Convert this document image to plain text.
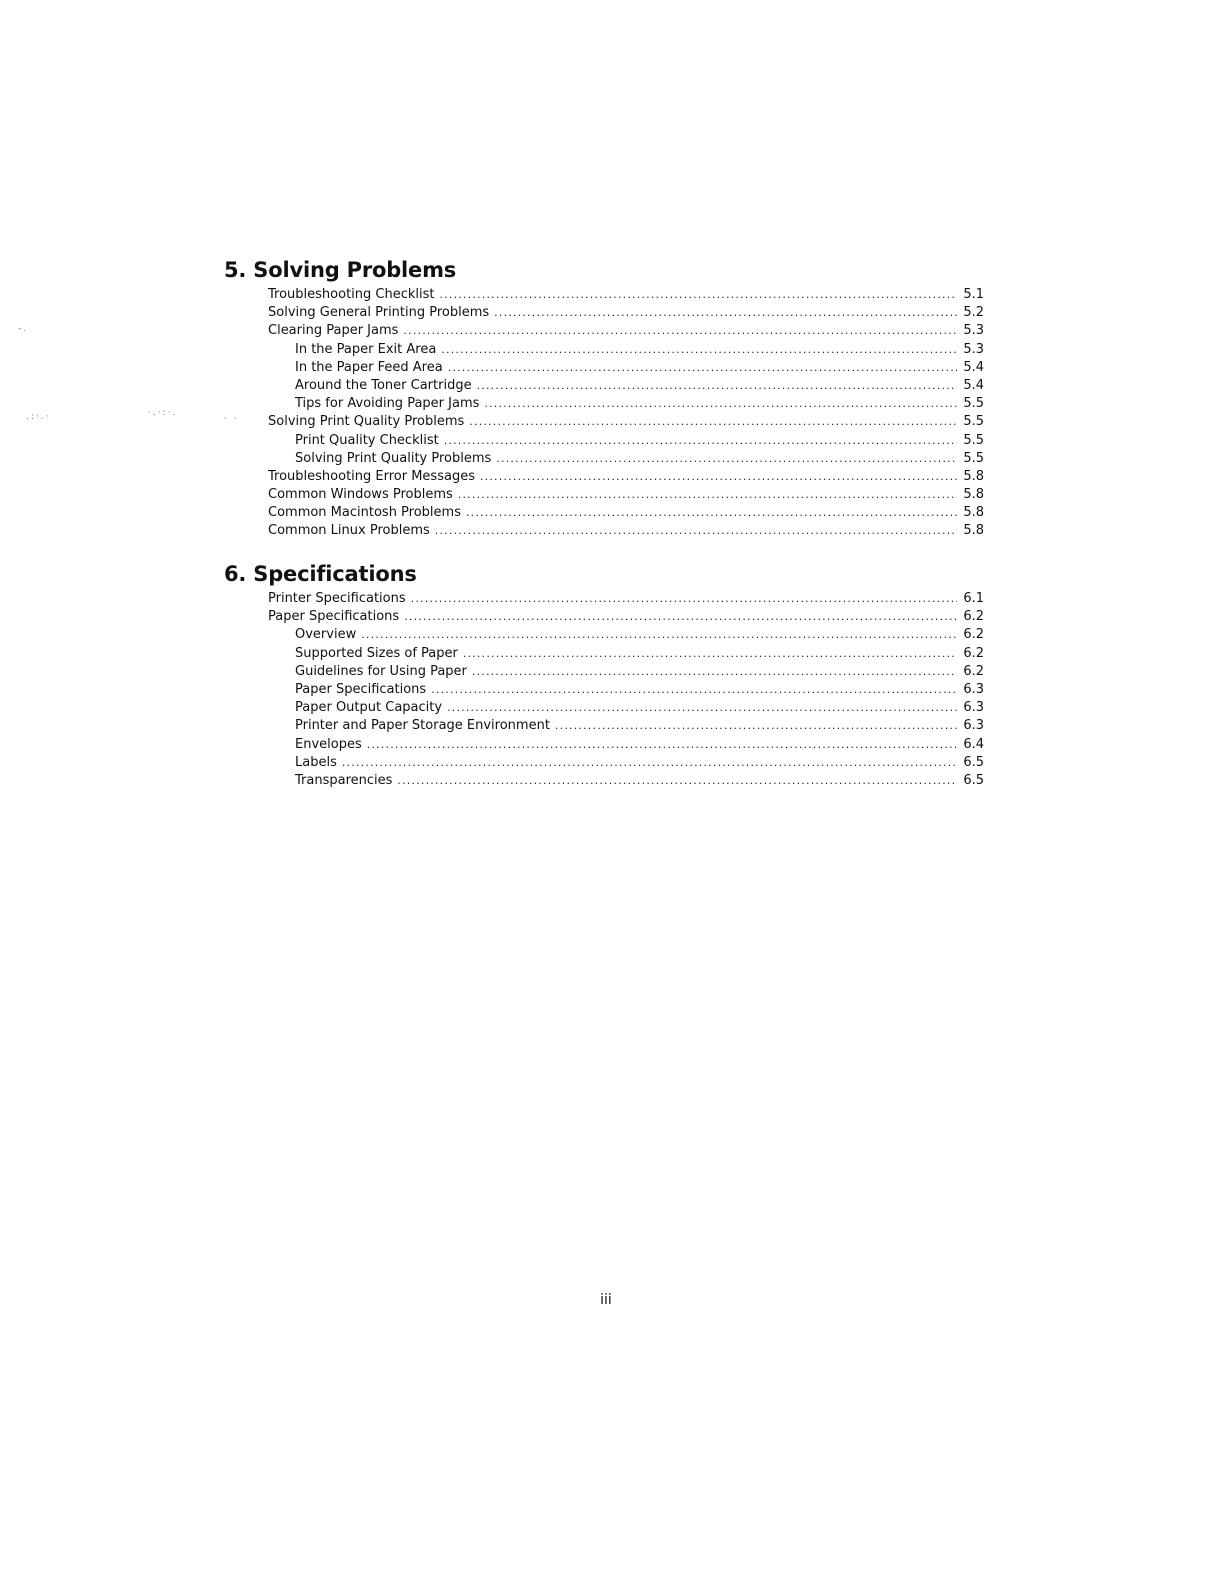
-.
.:·.·	·.·:·.
· ·
5. Solving Problems
Troubleshooting Checklist .....	5.1
Solving General Printing Problems .....	5.2
Clearing Paper Jams .....	5.3
In the Paper Exit Area .....	5.3
In the Paper Feed Area .....	5.4
Around the Toner Cartridge .....	5.4
Tips for Avoiding Paper Jams .....	5.5
Solving Print Quality Problems .....	5.5
Print Quality Checklist .....	5.5
Solving Print Quality Problems .....	5.5
Troubleshooting Error Messages .....	5.8
Common Windows Problems .....	5.8
Common Macintosh Problems .....	5.8
Common Linux Problems .....	5.8
6. Specifications
Printer Specifications .....	6.1
Paper Specifications .....	6.2
Overview .....	6.2
Supported Sizes of Paper .....	6.2
Guidelines for Using Paper .....	6.2
Paper Specifications .....	6.3
Paper Output Capacity .....	6.3
Printer and Paper Storage Environment .....	6.3
Envelopes .....	6.4
Labels .....	6.5
Transparencies .....	6.5
iii
